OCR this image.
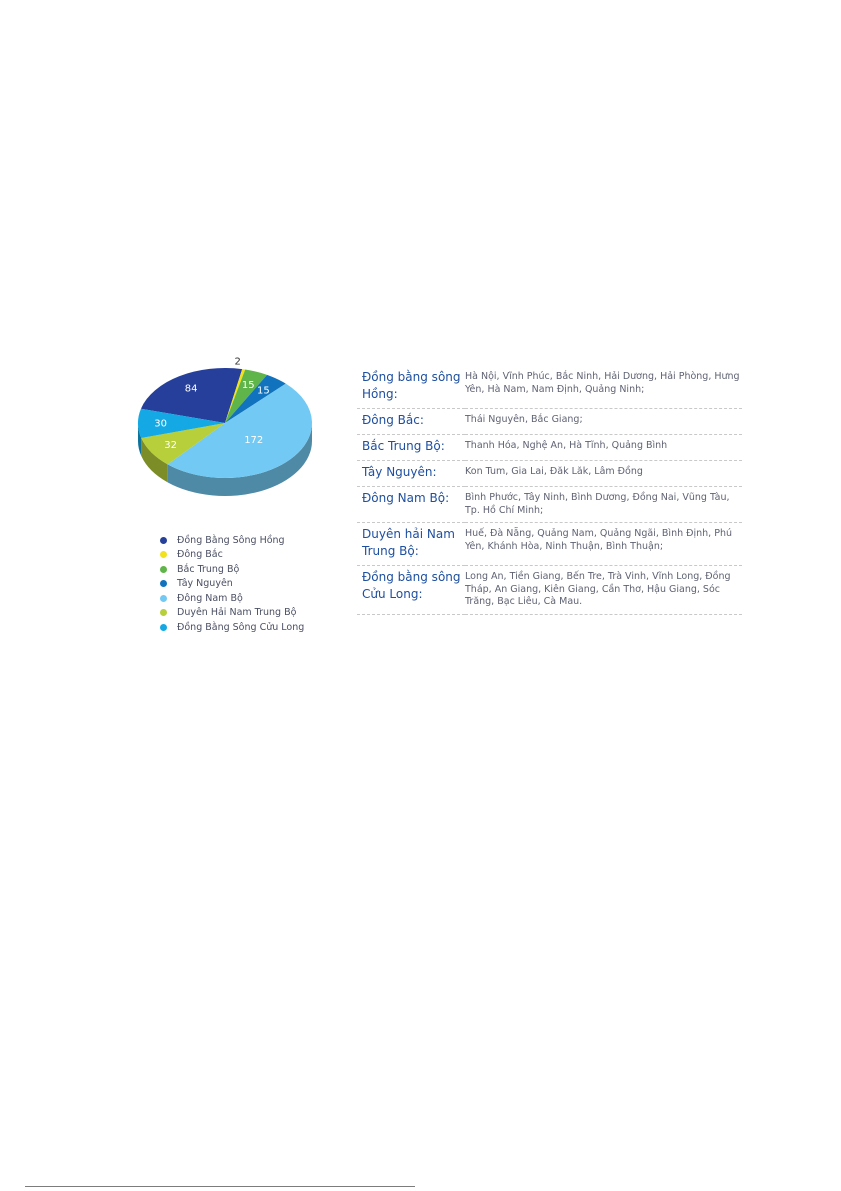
84
2
15 15
172
32
30
Đồng Bằng Sông Hồng
Đông Bắc
Bắc Trung Bộ
Tây Nguyên
Đông Nam Bộ
Duyên Hải Nam Trung Bộ
Đồng Bằng Sông Cửu Long
Đồng bằng sông Hồng:	Hà Nội, Vĩnh Phúc, Bắc Ninh, Hải Dương, Hải Phòng, Hưng Yên, Hà Nam, Nam Định, Quảng Ninh;
Đông Bắc:	Thái Nguyên, Bắc Giang;
Bắc Trung Bộ:	Thanh Hóa, Nghệ An, Hà Tĩnh, Quảng Bình
Tây Nguyên:	Kon Tum, Gia Lai, Đăk Lăk, Lâm Đồng
Đông Nam Bộ:	Bình Phước, Tây Ninh, Bình Dương, Đồng Nai, Vũng Tàu, Tp. Hồ Chí Minh;
Duyên hải Nam Trung Bộ:	Huế, Đà Nẵng, Quảng Nam, Quảng Ngãi, Bình Định, Phú Yên, Khánh Hòa, Ninh Thuận, Bình Thuận;
Đồng bằng sông Cửu Long:	Long An, Tiền Giang, Bến Tre, Trà Vinh, Vĩnh Long, Đồng Tháp, An Giang, Kiên Giang, Cần Thơ, Hậu Giang, Sóc Trăng, Bạc Liêu, Cà Mau.
